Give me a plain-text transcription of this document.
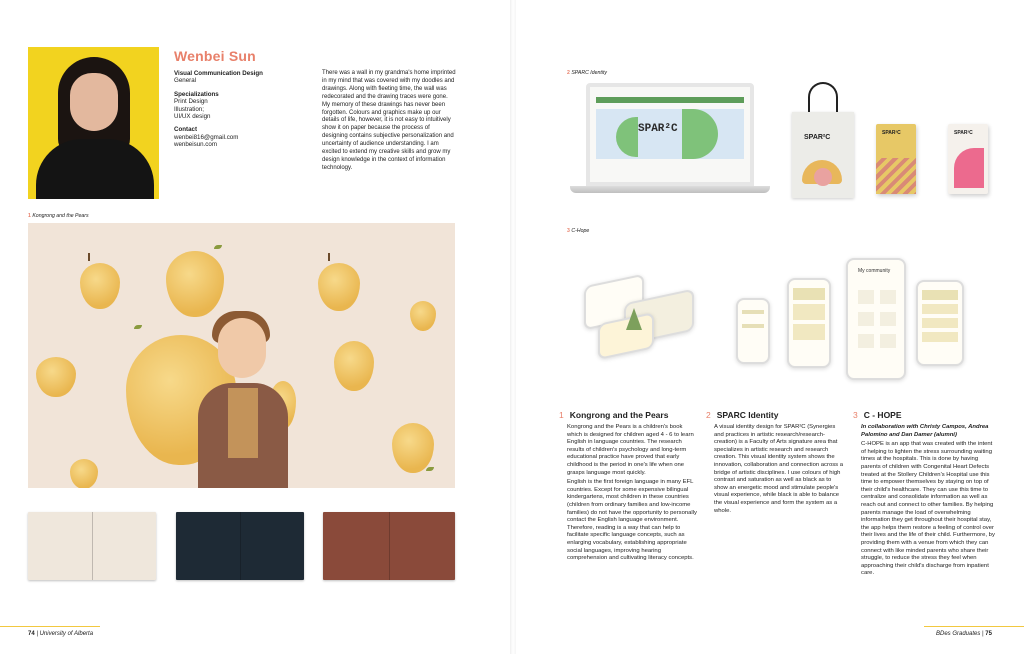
Wenbei Sun
Visual Communication Design
General
Specializations
Print Design
Illustration;
UI/UX design
Contact
wenbei816@gmail.com
wenbeisun.com
There was a wall in my grandma's home imprinted in my mind that was covered with my doodles and drawings. Along with fleeting time, the wall was redecorated and the drawing traces were gone. My memory of these drawings has never been forgotten. Colours and graphics make up our details of life, however, it is not easy to intuitively show it on paper because the process of designing contains subjective personalization and uncertainty of audience understanding. I am excited to extend my creative skills and grow my design knowledge in the context of information technology.
1 Kongrong and the Pears
74 | University of Alberta
2 SPARC Identity
SPAR²C
SPAR²C
SPAR²C	SPAR²C
3 C-Hope
My community
1 Kongrong and the Pears
Kongrong and the Pears is a children's book which is designed for children aged 4 - 6 to learn English in language countries. The research results of children's psychology and long-term educational practice have proved that early childhood is the period in one's life when one grasps language most quickly.
English is the first foreign language in many EFL countries. Except for some expensive bilingual kindergartens, most children in these countries (children from ordinary families and low-income families) do not have the opportunity to personally contact the English language environment. Therefore, reading is a way that can help to facilitate specific language concepts, such as enlarging vocabulary, establishing appropriate social languages, improving hearing comprehension and cultivating literacy concepts.
2 SPARC Identity
A visual identity design for SPAR²C (Synergies and practices in artistic research/research-creation) is a Faculty of Arts signature area that specializes in artistic research and research creation. This visual identity system shows the innovation, collaboration and connection across a bridge of artistic disciplines. I use colours of high contrast and saturation as well as black as to show an energetic mood and stimulate people's visual experience, while black is able to balance the visual experience and form the system as a whole.
3 C - HOPE
In collaboration with Christy Campos, Andrea Palomino and Dan Damer (alumni)
C-HOPE is an app that was created with the intent of helping to lighten the stress surrounding waiting times at the hospitals. This is done by having parents of children with Congenital Heart Defects treated at the Stollery Children's Hospital use this time to empower themselves by staying on top of their child's healthcare. They can use this time to centralize and consolidate information as well as reach out and connect to other families. By helping parents manage the load of overwhelming information they get throughout their hospital stay, the app helps them restore a feeling of control over their lives and the life of their child. Furthermore, by providing them with a venue from which they can connect with like minded parents who share their struggle, to reduce the stress they feel when approaching their child's discharge from inpatient care.
BDes Graduates | 75
